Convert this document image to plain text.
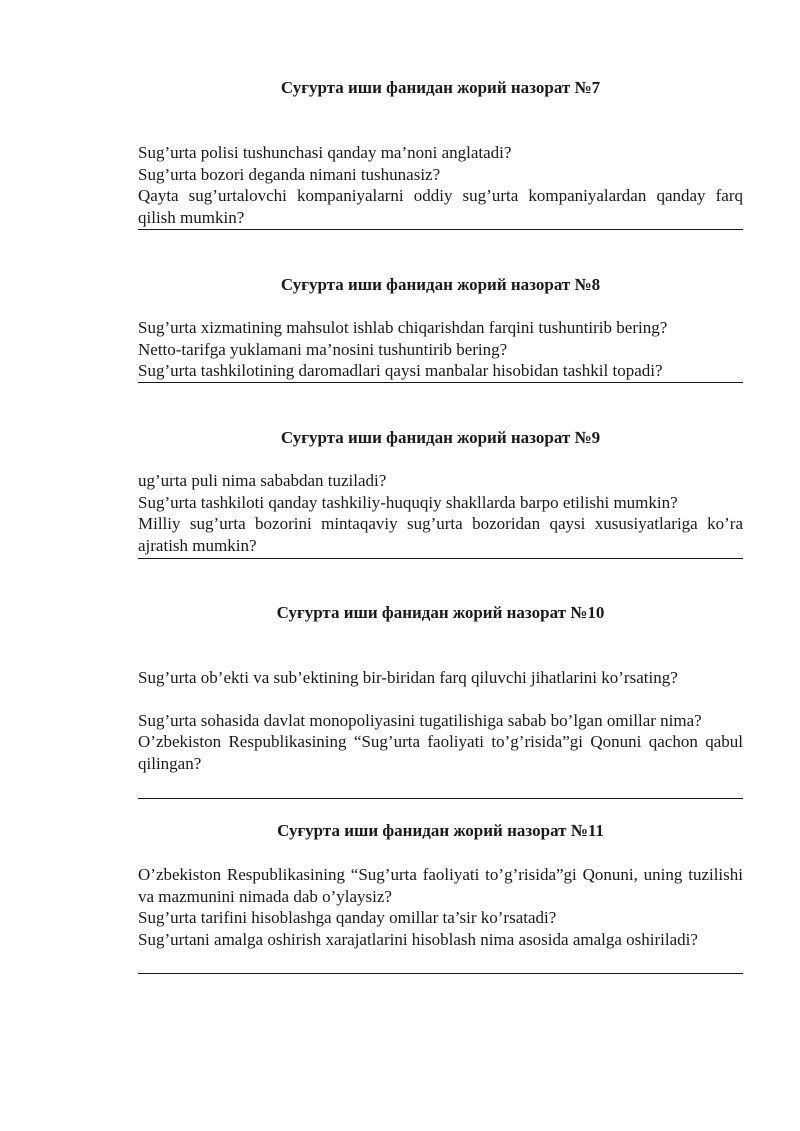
Суғурта иши фанидан жорий назорат №7
Sug’urta polisi tushunchasi qanday ma’noni anglatadi?
Sug’urta bozori deganda nimani tushunasiz?
Qayta sug’urtalovchi kompaniyalarni oddiy sug’urta kompaniyalardan qanday farq qilish mumkin?
Суғурта иши фанидан жорий назорат №8
Sug’urta xizmatining mahsulot ishlab chiqarishdan farqini tushuntirib bering?
Netto-tarifga yuklamani ma’nosini tushuntirib bering?
Sug’urta tashkilotining daromadlari qaysi manbalar hisobidan tashkil topadi?
Суғурта иши фанидан жорий назорат №9
ug’urta puli nima sababdan tuziladi?
Sug’urta tashkiloti qanday tashkiliy-huquqiy shakllarda barpo etilishi mumkin?
Milliy sug’urta bozorini mintaqaviy sug’urta bozoridan qaysi xususiyatlariga ko’ra ajratish mumkin?
Суғурта иши фанидан жорий назорат №10
Sug’urta ob’ekti va sub’ektining bir-biridan farq qiluvchi jihatlarini ko’rsating?
Sug’urta sohasida davlat monopoliyasini tugatilishiga sabab bo’lgan omillar nima?
O’zbekiston Respublikasining “Sug’urta faoliyati to’g’risida”gi Qonuni qachon qabul qilingan?
Суғурта иши фанидан жорий назорат №11
O’zbekiston Respublikasining “Sug’urta faoliyati to’g’risida”gi Qonuni, uning tuzilishi va mazmunini nimada dab o’ylaysiz?
Sug’urta tarifini hisoblashga qanday omillar ta’sir ko’rsatadi?
Sug’urtani amalga oshirish xarajatlarini hisoblash nima asosida amalga oshiriladi?
